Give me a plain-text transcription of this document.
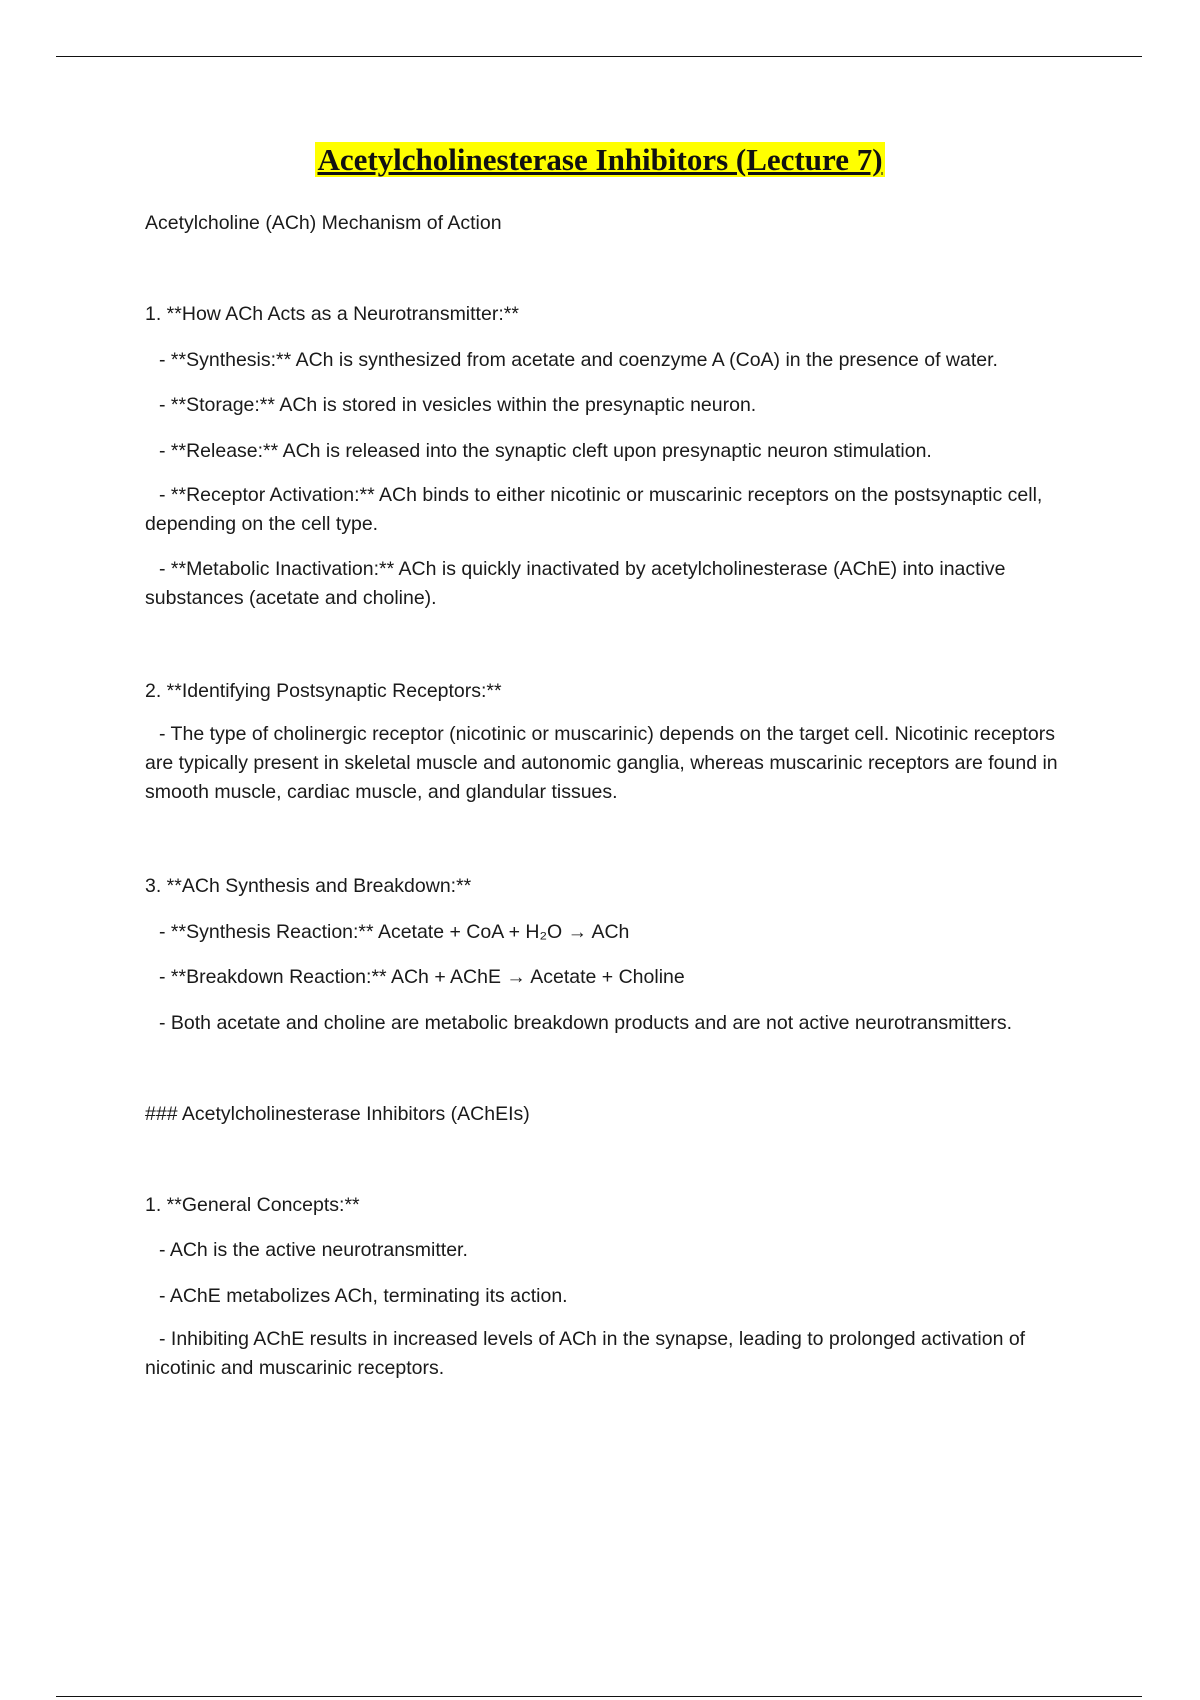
Acetylcholinesterase Inhibitors (Lecture 7)
Acetylcholine (ACh) Mechanism of Action
1. **How ACh Acts as a Neurotransmitter:**
- **Synthesis:** ACh is synthesized from acetate and coenzyme A (CoA) in the presence of water.
- **Storage:** ACh is stored in vesicles within the presynaptic neuron.
- **Release:** ACh is released into the synaptic cleft upon presynaptic neuron stimulation.
- **Receptor Activation:** ACh binds to either nicotinic or muscarinic receptors on the postsynaptic cell, depending on the cell type.
- **Metabolic Inactivation:** ACh is quickly inactivated by acetylcholinesterase (AChE) into inactive substances (acetate and choline).
2. **Identifying Postsynaptic Receptors:**
- The type of cholinergic receptor (nicotinic or muscarinic) depends on the target cell. Nicotinic receptors are typically present in skeletal muscle and autonomic ganglia, whereas muscarinic receptors are found in smooth muscle, cardiac muscle, and glandular tissues.
3. **ACh Synthesis and Breakdown:**
- **Synthesis Reaction:** Acetate + CoA + H₂O → ACh
- **Breakdown Reaction:** ACh + AChE → Acetate + Choline
- Both acetate and choline are metabolic breakdown products and are not active neurotransmitters.
### Acetylcholinesterase Inhibitors (AChEIs)
1. **General Concepts:**
- ACh is the active neurotransmitter.
- AChE metabolizes ACh, terminating its action.
- Inhibiting AChE results in increased levels of ACh in the synapse, leading to prolonged activation of nicotinic and muscarinic receptors.
